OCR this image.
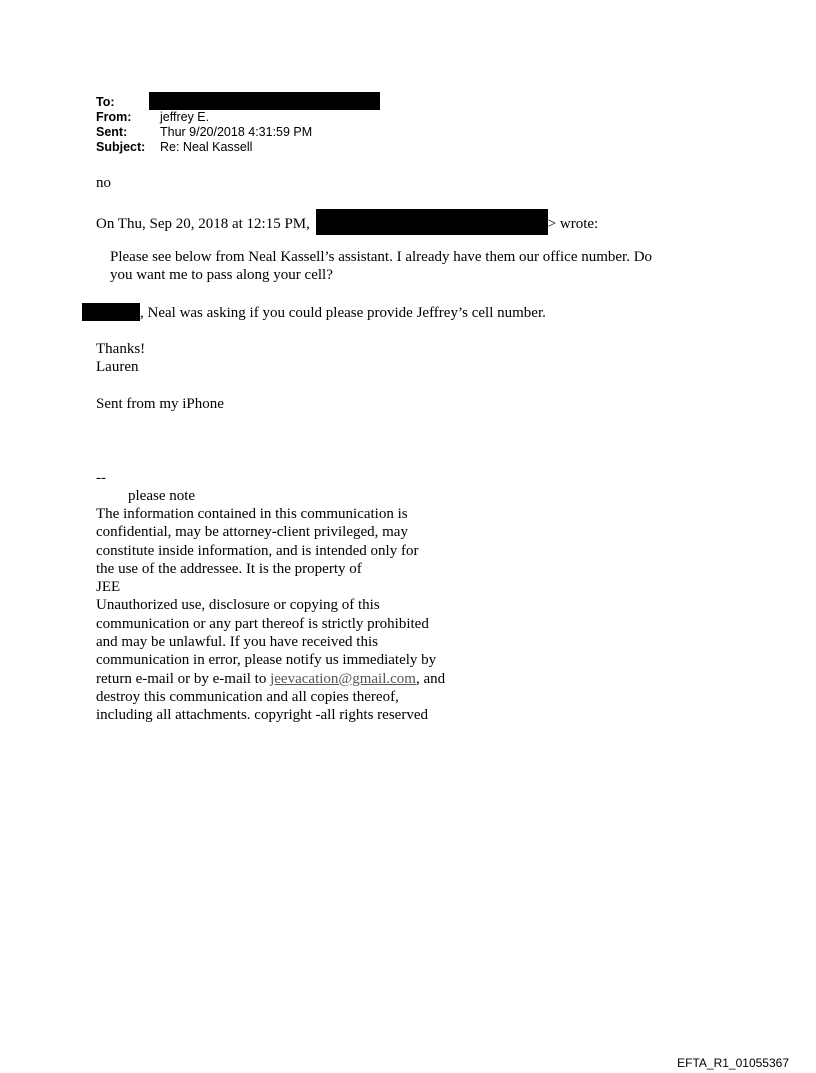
To:
From:	jeffrey E.
Sent:	Thur 9/20/2018 4:31:59 PM
Subject:	Re: Neal Kassell
no
On Thu, Sep 20, 2018 at 12:15 PM,	> wrote:
Please see below from Neal Kassell’s assistant. I already have them our office number. Do
you want me to pass along your cell?
, Neal was asking if you could please provide Jeffrey’s cell number.
Thanks!
Lauren
Sent from my iPhone
--
please note
The information contained in this communication is
confidential, may be attorney-client privileged, may
constitute inside information, and is intended only for
the use of the addressee. It is the property of
JEE
Unauthorized use, disclosure or copying of this
communication or any part thereof is strictly prohibited
and may be unlawful. If you have received this
communication in error, please notify us immediately by
return e-mail or by e-mail to jeevacation@gmail.com, and
destroy this communication and all copies thereof,
including all attachments. copyright -all rights reserved
EFTA_R1_01055367
